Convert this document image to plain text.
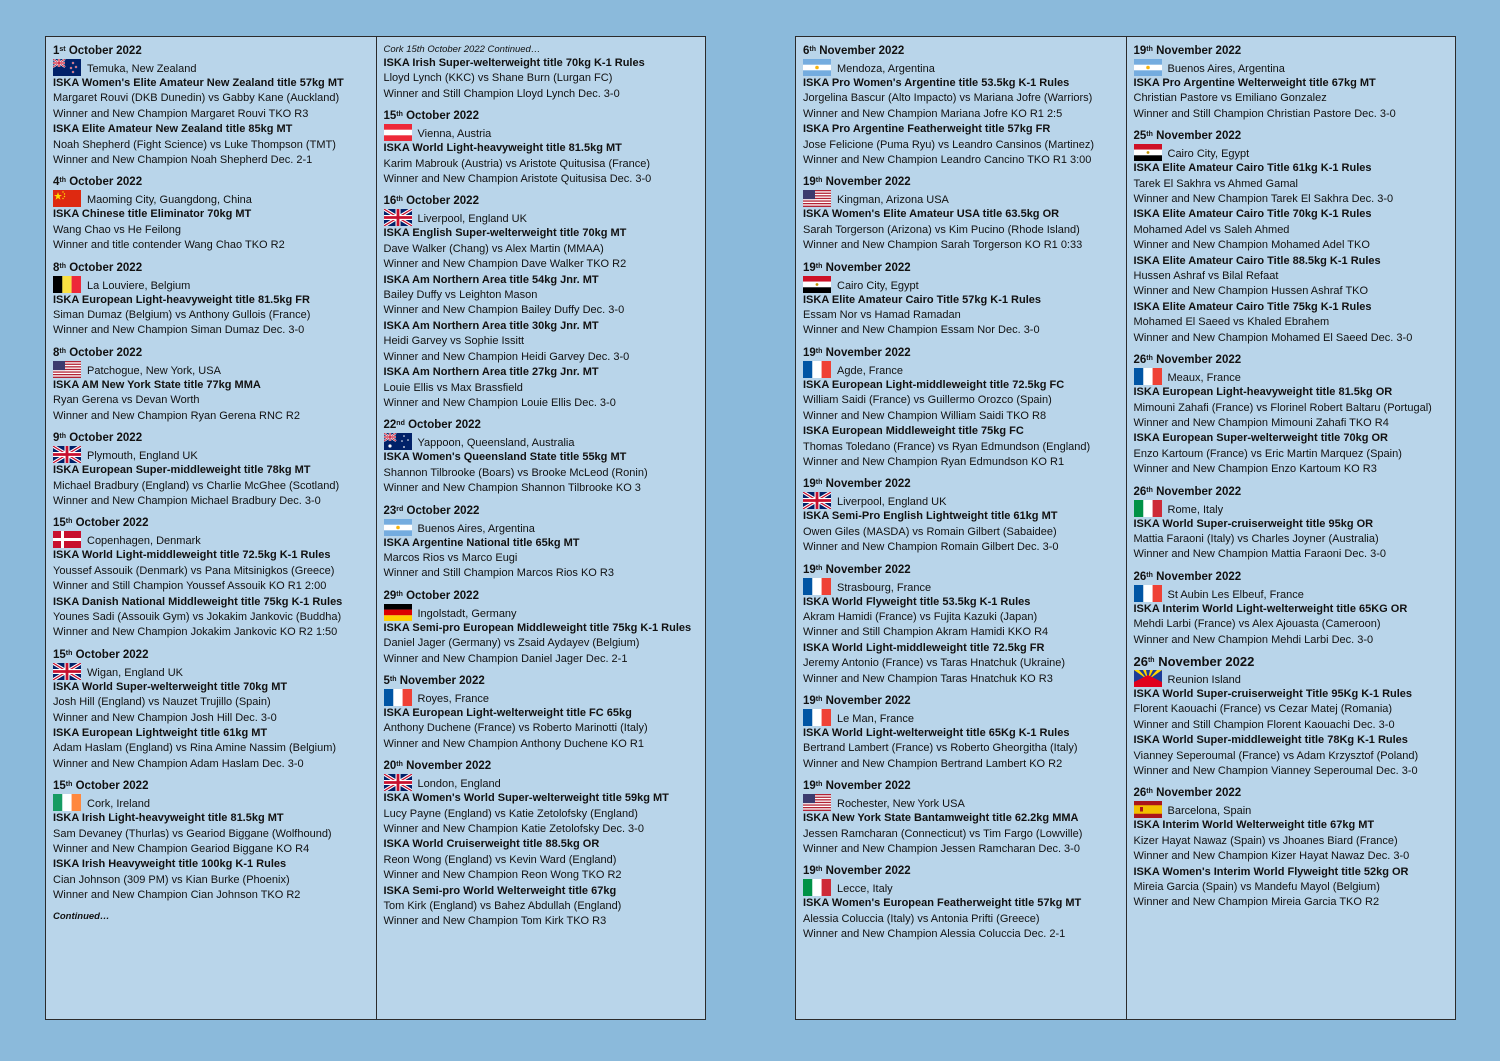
1st October 2022
Temuka, New Zealand
ISKA Women's Elite Amateur New Zealand title 57kg MT
Margaret Rouvi (DKB Dunedin) vs Gabby Kane (Auckland)
Winner and New Champion Margaret Rouvi TKO R3
ISKA Elite Amateur New Zealand title 85kg MT
Noah Shepherd (Fight Science) vs Luke Thompson (TMT)
Winner and New Champion Noah Shepherd Dec. 2-1
4th October 2022
Maoming City, Guangdong, China
ISKA Chinese title Eliminator 70kg MT
Wang Chao vs He Feilong
Winner and title contender Wang Chao TKO R2
8th October 2022
La Louviere, Belgium
ISKA European Light-heavyweight title 81.5kg FR
Siman Dumaz (Belgium) vs Anthony Gullois (France)
Winner and New Champion Siman Dumaz Dec. 3-0
8th October 2022
Patchogue, New York, USA
ISKA AM New York State title 77kg MMA
Ryan Gerena vs Devan Worth
Winner and New Champion Ryan Gerena RNC R2
9th October 2022
Plymouth, England UK
ISKA European Super-middleweight title 78kg MT
Michael Bradbury (England) vs Charlie McGhee (Scotland)
Winner and New Champion Michael Bradbury Dec. 3-0
15th October 2022
Copenhagen, Denmark
ISKA World Light-middleweight title 72.5kg K-1 Rules
Youssef Assouik (Denmark) vs Pana Mitsinigkos (Greece)
Winner and Still Champion Youssef Assouik KO R1 2:00
ISKA Danish National Middleweight title 75kg K-1 Rules
Younes Sadi (Assouik Gym) vs Jokakim Jankovic (Buddha)
Winner and New Champion Jokakim Jankovic KO R2 1:50
15th October 2022
Wigan, England UK
ISKA World Super-welterweight title 70kg MT
Josh Hill (England) vs Nauzet Trujillo (Spain)
Winner and New Champion Josh Hill Dec. 3-0
ISKA European Lightweight title 61kg MT
Adam Haslam (England) vs Rina Amine Nassim (Belgium)
Winner and New Champion Adam Haslam Dec. 3-0
15th October 2022
Cork, Ireland
ISKA Irish Light-heavyweight title 81.5kg MT
Sam Devaney (Thurlas) vs Geariod Biggane (Wolfhound)
Winner and New Champion Geariod Biggane KO R4
ISKA Irish Heavyweight title 100kg K-1 Rules
Cian Johnson (309 PM) vs Kian Burke (Phoenix)
Winner and New Champion Cian Johnson TKO R2
Continued…
Cork 15th October 2022 Continued…
ISKA Irish Super-welterweight title 70kg K-1 Rules
Lloyd Lynch (KKC) vs Shane Burn (Lurgan FC)
Winner and Still Champion Lloyd Lynch Dec. 3-0
15th October 2022
Vienna, Austria
ISKA World Light-heavyweight title 81.5kg MT
Karim Mabrouk (Austria) vs Aristote Quitusisa (France)
Winner and New Champion Aristote Quitusisa Dec. 3-0
16th October 2022
Liverpool, England UK
ISKA English Super-welterweight title 70kg MT
Dave Walker (Chang) vs Alex Martin (MMAA)
Winner and New Champion Dave Walker TKO R2
ISKA Am Northern Area title 54kg Jnr. MT
Bailey Duffy vs Leighton Mason
Winner and New Champion Bailey Duffy Dec. 3-0
ISKA Am Northern Area title 30kg Jnr. MT
Heidi Garvey vs Sophie Issitt
Winner and New Champion Heidi Garvey Dec. 3-0
ISKA Am Northern Area title 27kg Jnr. MT
Louie Ellis vs Max Brassfield
Winner and New Champion Louie Ellis Dec. 3-0
22nd October 2022
Yappoon, Queensland, Australia
ISKA Women's Queensland State title 55kg MT
Shannon Tilbrooke (Boars) vs Brooke McLeod (Ronin)
Winner and New Champion Shannon Tilbrooke KO 3
23rd October 2022
Buenos Aires, Argentina
ISKA Argentine National title 65kg MT
Marcos Rios vs Marco Eugi
Winner and Still Champion Marcos Rios KO R3
29th October 2022
Ingolstadt, Germany
ISKA Semi-pro European Middleweight title 75kg K-1 Rules
Daniel Jager (Germany) vs Zsaid Aydayev (Belgium)
Winner and New Champion Daniel Jager Dec. 2-1
5th November 2022
Royes, France
ISKA European Light-welterweight title FC 65kg
Anthony Duchene (France) vs Roberto Marinotti (Italy)
Winner and New Champion Anthony Duchene KO R1
20th November 2022
London, England
ISKA Women's World Super-welterweight title 59kg MT
Lucy Payne (England) vs Katie Zetolofsky (England)
Winner and New Champion Katie Zetolofsky Dec. 3-0
ISKA World Cruiserweight title 88.5kg OR
Reon Wong (England) vs Kevin Ward (England)
Winner and New Champion Reon Wong TKO R2
ISKA Semi-pro World Welterweight title 67kg
Tom Kirk (England) vs Bahez Abdullah (England)
Winner and New Champion Tom Kirk TKO R3
6th November 2022
Mendoza, Argentina
ISKA Pro Women's Argentine title 53.5kg K-1 Rules
Jorgelina Bascur (Alto Impacto) vs Mariana Jofre (Warriors)
Winner and New Champion Mariana Jofre KO R1 2:5
ISKA Pro Argentine Featherweight title 57kg FR
Jose Felicione (Puma Ryu) vs Leandro Cansinos (Martinez)
Winner and New Champion Leandro Cancino TKO R1 3:00
19th November 2022
Kingman, Arizona USA
ISKA Women's Elite Amateur USA title 63.5kg OR
Sarah Torgerson (Arizona) vs Kim Pucino (Rhode Island)
Winner and New Champion Sarah Torgerson KO R1 0:33
19th November 2022
Cairo City, Egypt
ISKA Elite Amateur Cairo Title 57kg K-1 Rules
Essam Nor vs Hamad Ramadan
Winner and New Champion Essam Nor Dec. 3-0
19th November 2022
Agde, France
ISKA European Light-middleweight title 72.5kg FC
William Saidi (France) vs Guillermo Orozco (Spain)
Winner and New Champion William Saidi TKO R8
ISKA European Middleweight title 75kg FC
Thomas Toledano (France) vs Ryan Edmundson (England)
Winner and New Champion Ryan Edmundson KO R1
19th November 2022
Liverpool, England UK
ISKA Semi-Pro English Lightweight title 61kg MT
Owen Giles (MASDA) vs Romain Gilbert (Sabaidee)
Winner and New Champion Romain Gilbert Dec. 3-0
19th November 2022
Strasbourg, France
ISKA World Flyweight title 53.5kg K-1 Rules
Akram Hamidi (France) vs Fujita Kazuki (Japan)
Winner and Still Champion Akram Hamidi KKO R4
ISKA World Light-middleweight title 72.5kg FR
Jeremy Antonio (France) vs Taras Hnatchuk (Ukraine)
Winner and New Champion Taras Hnatchuk KO R3
19th November 2022
Le Man, France
ISKA World Light-welterweight title 65Kg K-1 Rules
Bertrand Lambert (France) vs Roberto Gheorgitha (Italy)
Winner and New Champion Bertrand Lambert KO R2
19th November 2022
Rochester, New York USA
ISKA New York State Bantamweight title 62.2kg MMA
Jessen Ramcharan (Connecticut) vs Tim Fargo (Lowville)
Winner and New Champion Jessen Ramcharan Dec. 3-0
19th November 2022
Lecce, Italy
ISKA Women's European Featherweight title 57kg MT
Alessia Coluccia (Italy) vs Antonia Prifti (Greece)
Winner and New Champion Alessia Coluccia Dec. 2-1
19th November 2022
Buenos Aires, Argentina
ISKA Pro Argentine Welterweight title 67kg MT
Christian Pastore vs Emiliano Gonzalez
Winner and Still Champion Christian Pastore Dec. 3-0
25th November 2022
Cairo City, Egypt
ISKA Elite Amateur Cairo Title 61kg K-1 Rules
Tarek El Sakhra vs Ahmed Gamal
Winner and New Champion Tarek El Sakhra Dec. 3-0
ISKA Elite Amateur Cairo Title 70kg K-1 Rules
Mohamed Adel vs Saleh Ahmed
Winner and New Champion Mohamed Adel TKO
ISKA Elite Amateur Cairo Title 88.5kg K-1 Rules
Hussen Ashraf vs Bilal Refaat
Winner and New Champion Hussen Ashraf TKO
ISKA Elite Amateur Cairo Title 75kg K-1 Rules
Mohamed El Saeed vs Khaled Ebrahem
Winner and New Champion Mohamed El Saeed Dec. 3-0
26th November 2022
Meaux, France
ISKA European Light-heavyweight title 81.5kg OR
Mimouni Zahafi (France) vs Florinel Robert Baltaru (Portugal)
Winner and New Champion Mimouni Zahafi TKO R4
ISKA European Super-welterweight title 70kg OR
Enzo Kartoum (France) vs Eric Martin Marquez (Spain)
Winner and New Champion Enzo Kartoum KO R3
26th November 2022
Rome, Italy
ISKA World Super-cruiserweight title 95kg OR
Mattia Faraoni (Italy) vs Charles Joyner (Australia)
Winner and New Champion Mattia Faraoni Dec. 3-0
26th November 2022
St Aubin Les Elbeuf, France
ISKA Interim World Light-welterweight title 65KG OR
Mehdi Larbi (France) vs Alex Ajouasta (Cameroon)
Winner and New Champion Mehdi Larbi Dec. 3-0
26th November 2022
Reunion Island
ISKA World Super-cruiserweight Title 95Kg K-1 Rules
Florent Kaouachi (France) vs Cezar Matej (Romania)
Winner and Still Champion Florent Kaouachi Dec. 3-0
ISKA World Super-middleweight title 78Kg K-1 Rules
Vianney Seperoumal (France) vs Adam Krzysztof (Poland)
Winner and New Champion Vianney Seperoumal Dec. 3-0
26th November 2022
Barcelona, Spain
ISKA Interim World Welterweight title 67kg MT
Kizer Hayat Nawaz (Spain) vs Jhoanes Biard (France)
Winner and New Champion Kizer Hayat Nawaz Dec. 3-0
ISKA Women's Interim World Flyweight title 52kg OR
Mireia Garcia (Spain) vs Mandefu Mayol (Belgium)
Winner and New Champion Mireia Garcia TKO R2
